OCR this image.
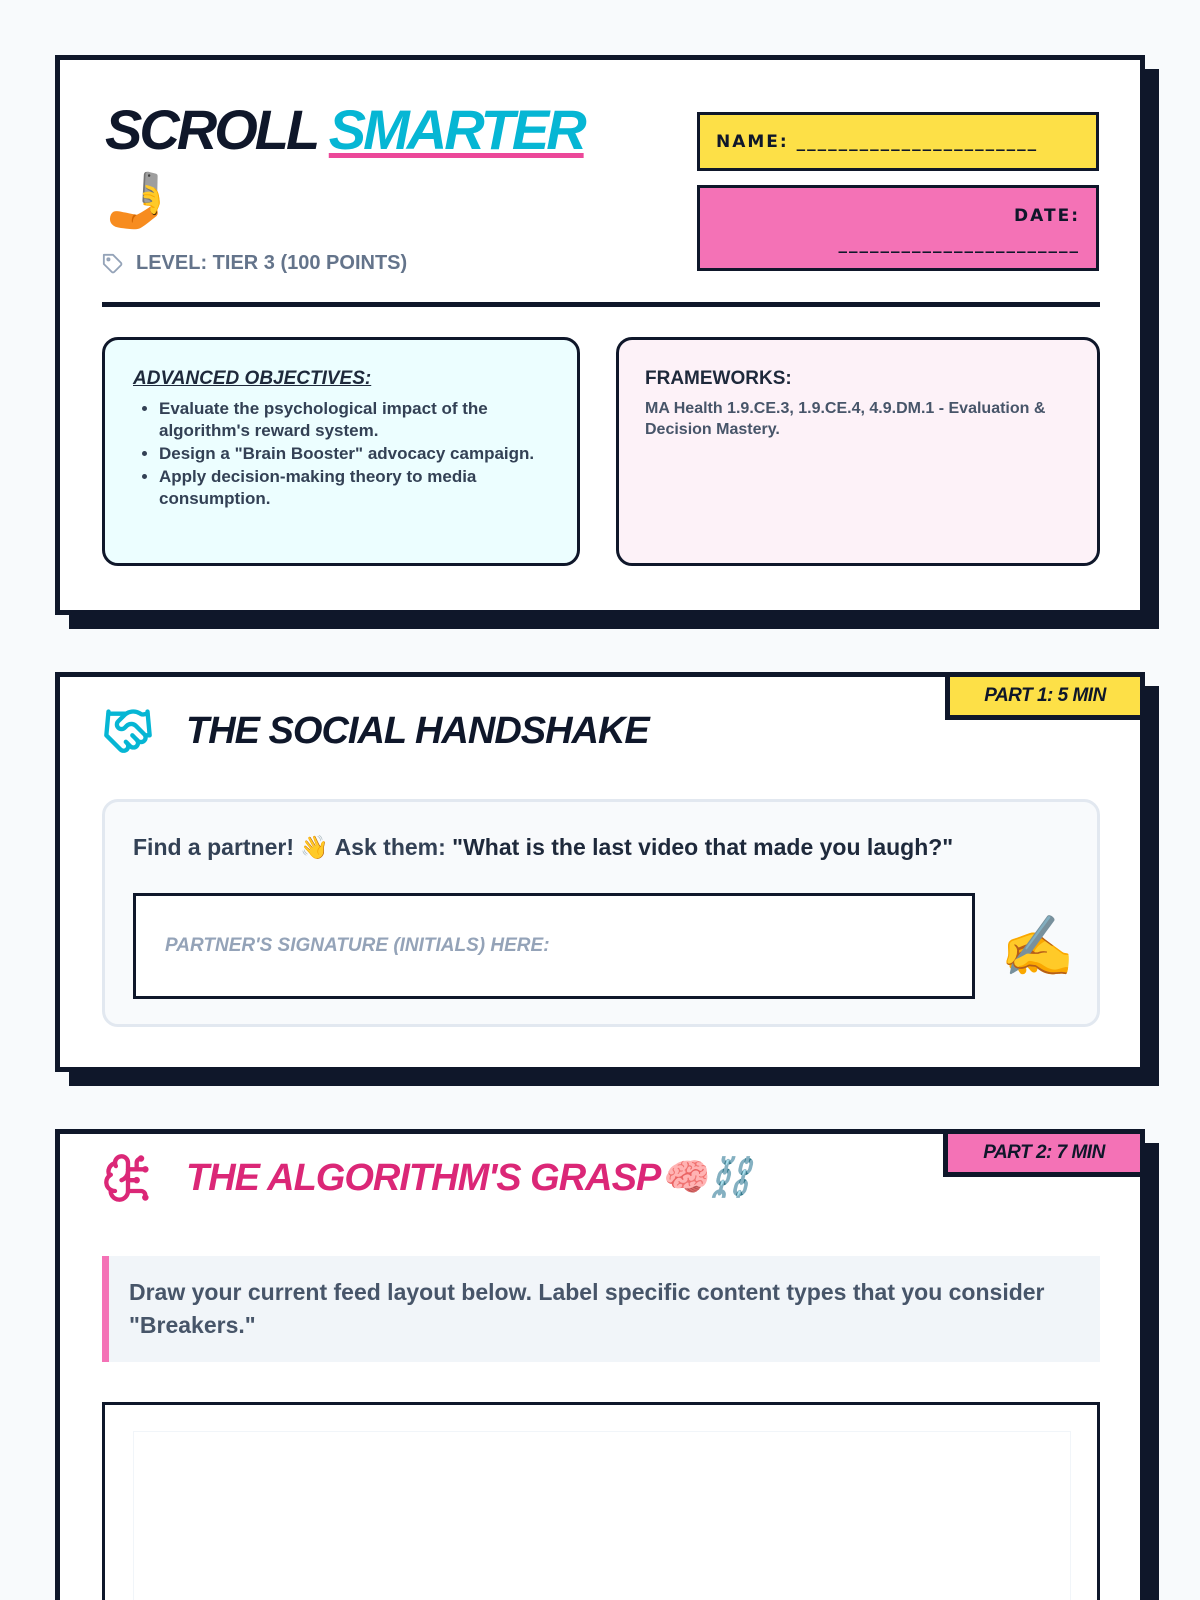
SCROLL SMARTER
🤳
LEVEL: TIER 3 (100 POINTS)
NAME: _______________________
DATE:
_______________________
ADVANCED OBJECTIVES:
• Evaluate the psychological impact of the algorithm's reward system.
• Design a "Brain Booster" advocacy campaign.
• Apply decision-making theory to media consumption.
FRAMEWORKS:
MA Health 1.9.CE.3, 1.9.CE.4, 4.9.DM.1 - Evaluation & Decision Mastery.
PART 1: 5 MIN
THE SOCIAL HANDSHAKE
Find a partner! 👋 Ask them: "What is the last video that made you laugh?"
PARTNER'S SIGNATURE (INITIALS) HERE:	✍️
PART 2: 7 MIN
THE ALGORITHM'S GRASP🧠⛓️
Draw your current feed layout below. Label specific content types that you consider "Breakers."
